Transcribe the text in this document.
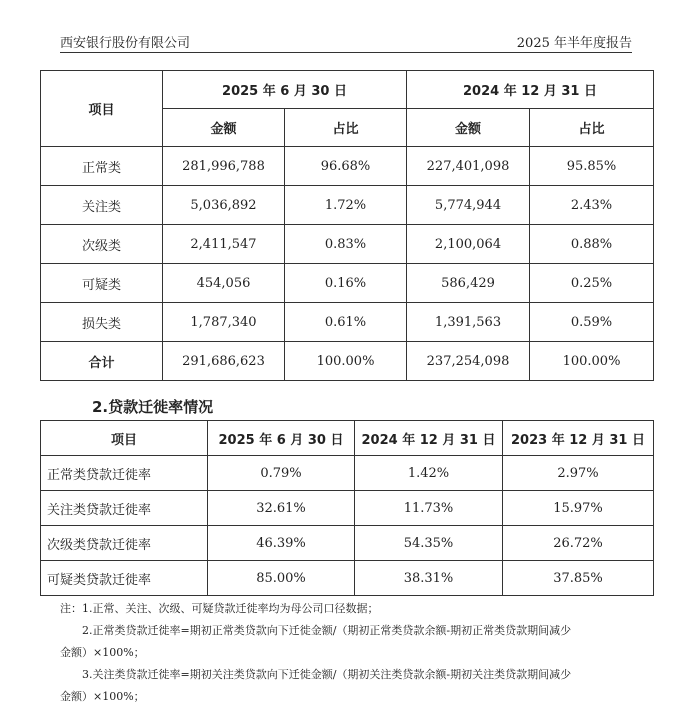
西安银行股份有限公司	2025 年半年度报告
项目	2025 年 6 月 30 日		2024 年 12 月 31 日	
	金额	占比	金额	占比
正常类	281,996,788	96.68%	227,401,098	95.85%
关注类	5,036,892	1.72%	5,774,944	2.43%
次级类	2,411,547	0.83%	2,100,064	0.88%
可疑类	454,056	0.16%	586,429	0.25%
损失类	1,787,340	0.61%	1,391,563	0.59%
合计	291,686,623	100.00%	237,254,098	100.00%
2.贷款迁徙率情况
项目	2025 年 6 月 30 日	2024 年 12 月 31 日	2023 年 12 月 31 日
正常类贷款迁徙率	0.79%	1.42%	2.97%
关注类贷款迁徙率	32.61%	11.73%	15.97%
次级类贷款迁徙率	46.39%	54.35%	26.72%
可疑类贷款迁徙率	85.00%	38.31%	37.85%
注：1.正常、关注、次级、可疑贷款迁徙率均为母公司口径数据；
2.正常类贷款迁徙率=期初正常类贷款向下迁徙金额/（期初正常类贷款余额-期初正常类贷款期间减少
金额）×100%；
3.关注类贷款迁徙率=期初关注类贷款向下迁徙金额/（期初关注类贷款余额-期初关注类贷款期间减少
金额）×100%；
